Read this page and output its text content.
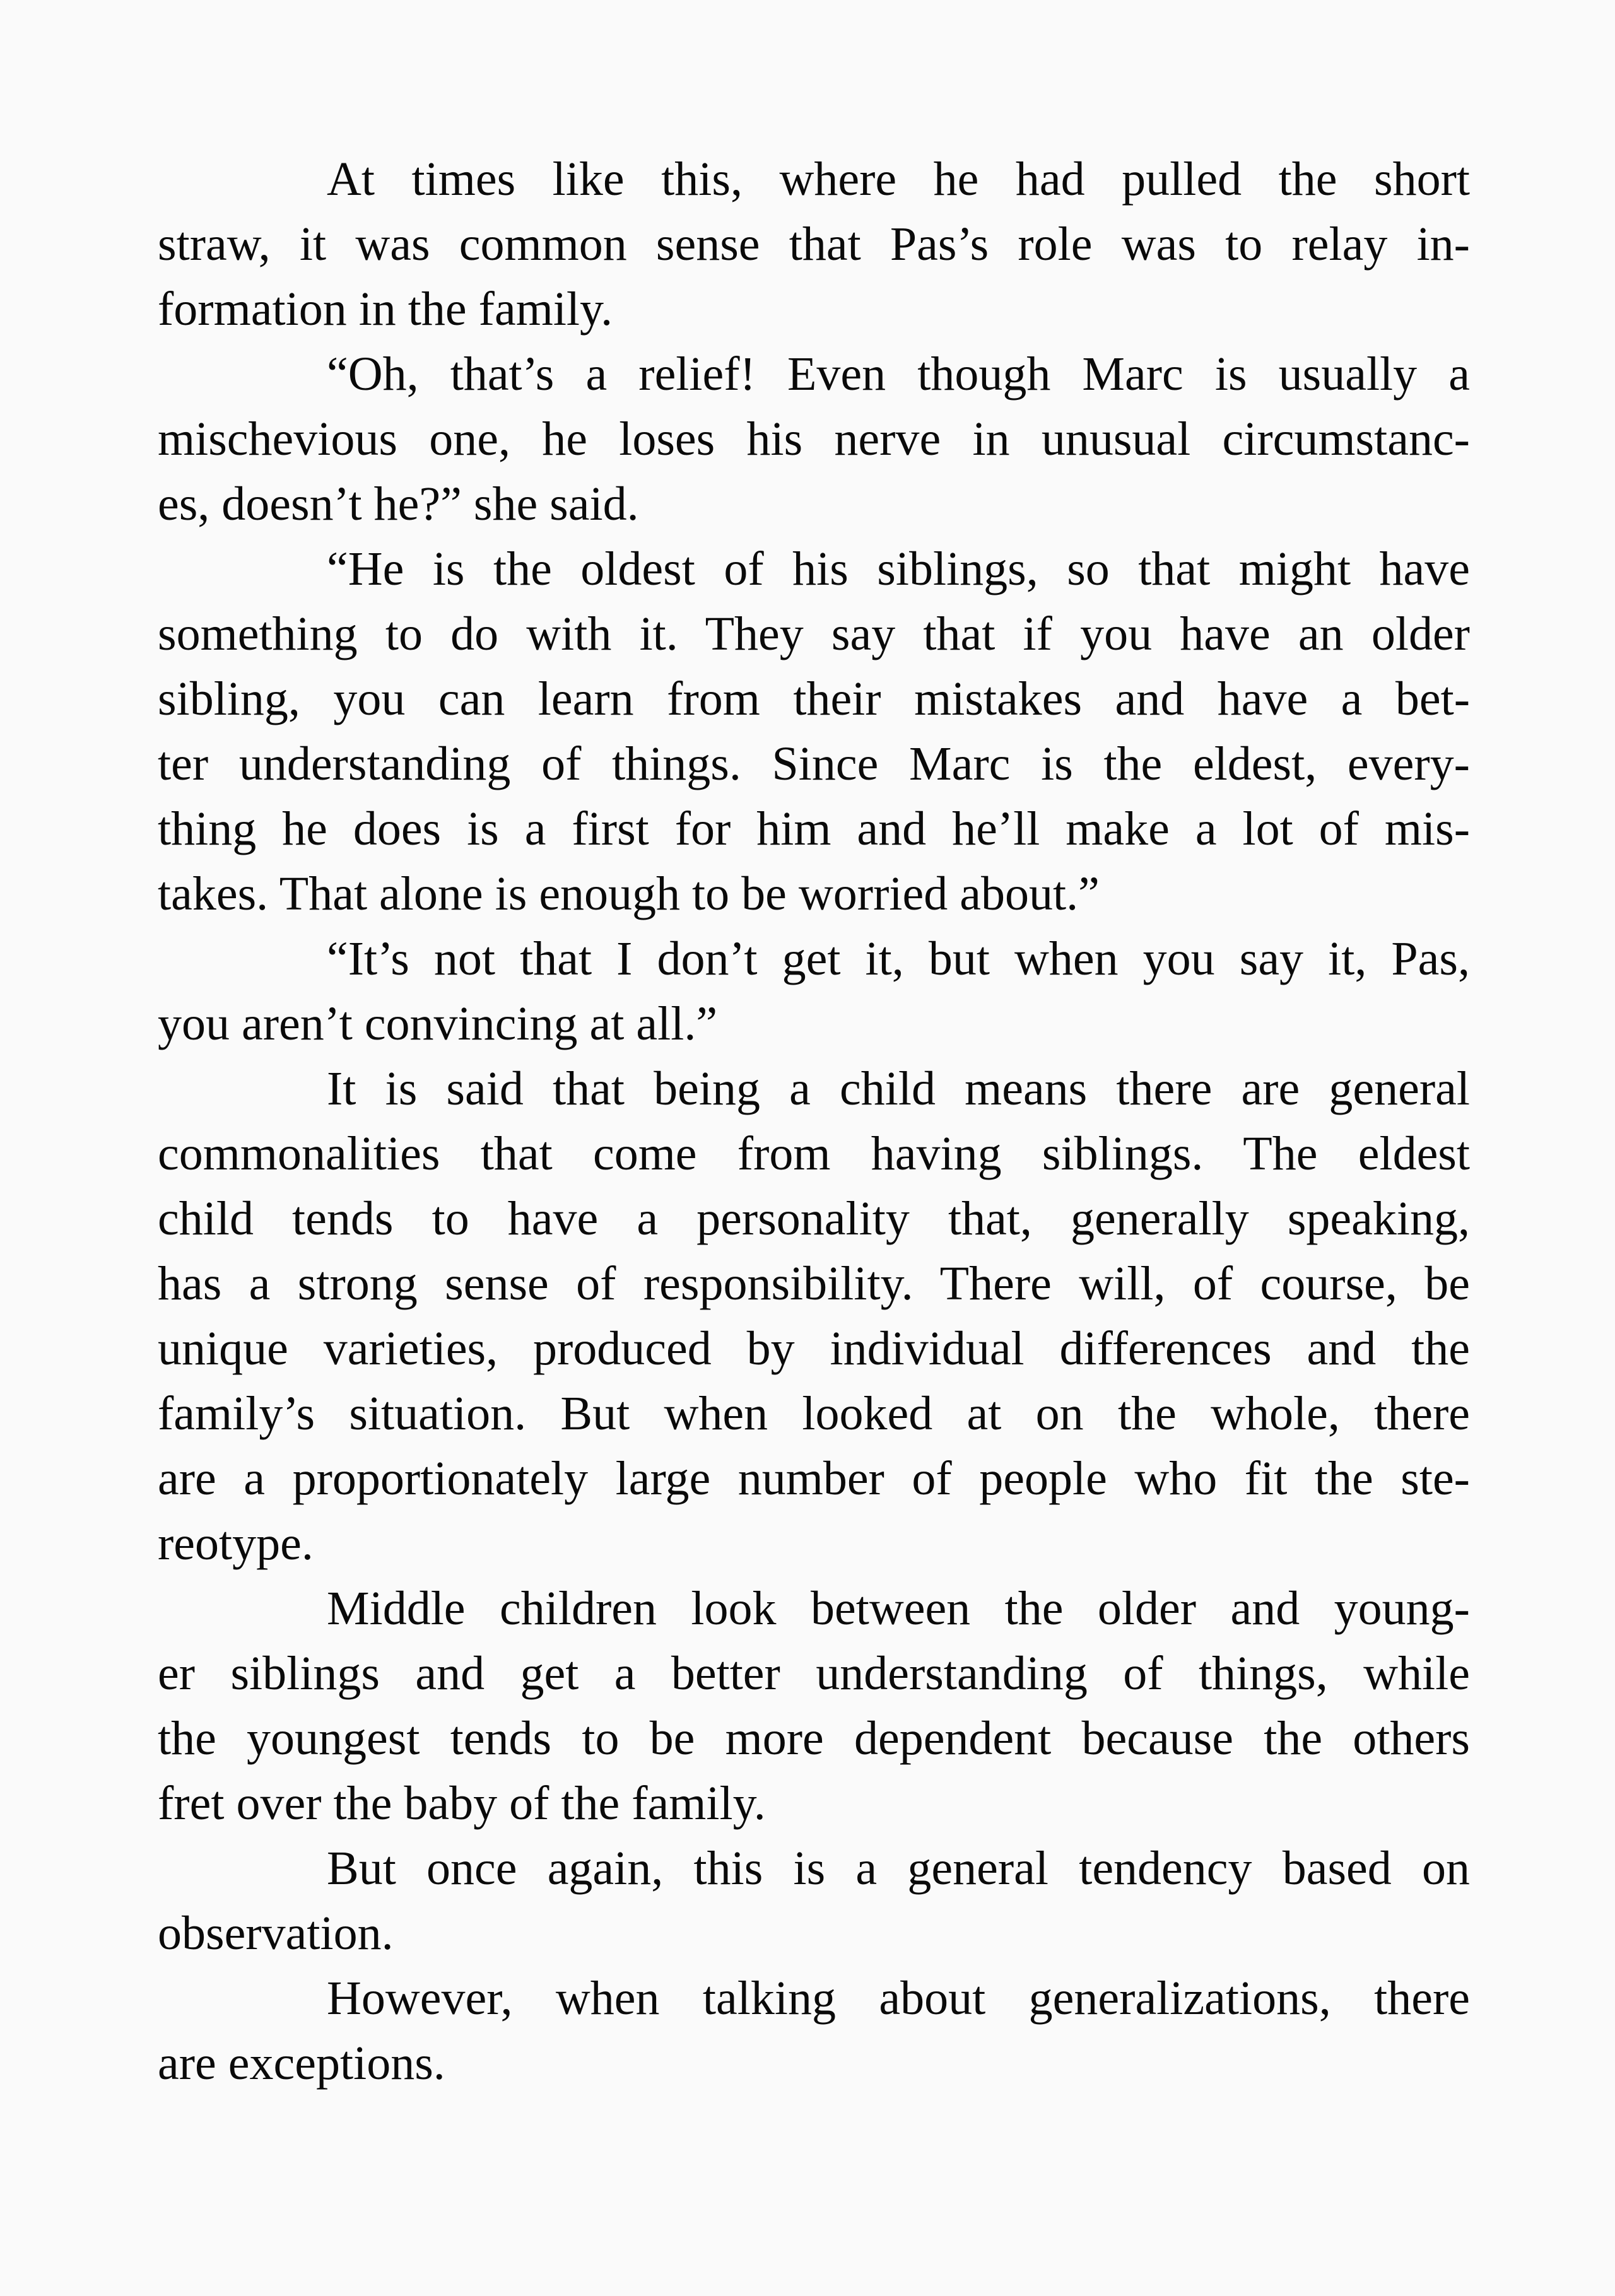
At times like this, where he had pulled the short
straw, it was common sense that Pas’s role was to relay in-
formation in the family.
“Oh, that’s a relief! Even though Marc is usually a
mischevious one, he loses his nerve in unusual circumstanc-
es, doesn’t he?” she said.
“He is the oldest of his siblings, so that might have
something to do with it. They say that if you have an older
sibling, you can learn from their mistakes and have a bet-
ter understanding of things. Since Marc is the eldest, every-
thing he does is a first for him and he’ll make a lot of mis-
takes. That alone is enough to be worried about.”
“It’s not that I don’t get it, but when you say it, Pas,
you aren’t convincing at all.”
It is said that being a child means there are general
commonalities that come from having siblings. The eldest
child tends to have a personality that, generally speaking,
has a strong sense of responsibility. There will, of course, be
unique varieties, produced by individual differences and the
family’s situation. But when looked at on the whole, there
are a proportionately large number of people who fit the ste-
reotype.
Middle children look between the older and young-
er siblings and get a better understanding of things, while
the youngest tends to be more dependent because the others
fret over the baby of the family.
But once again, this is a general tendency based on
observation.
However, when talking about generalizations, there
are exceptions.
